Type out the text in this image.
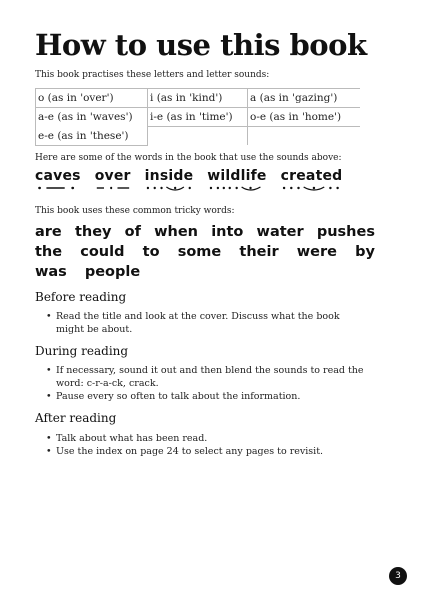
How to use this book
This book practises these letters and letter sounds:
o (as in 'over')	i (as in 'kind')	a (as in 'gazing')
a-e (as in 'waves')	i-e (as in 'time')	o-e (as in 'home')
e-e (as in 'these')		
Here are some of the words in the book that use the sounds above:
caves over inside wildlife created
This book uses these common tricky words:
are they of when into water pushes
the could to some their were by
was people
Before reading
• Read the title and look at the cover. Discuss what the book might be about.
During reading
• If necessary, sound it out and then blend the sounds to read the word: c-r-a-ck, crack.
• Pause every so often to talk about the information.
After reading
• Talk about what has been read.
• Use the index on page 24 to select any pages to revisit.
3
